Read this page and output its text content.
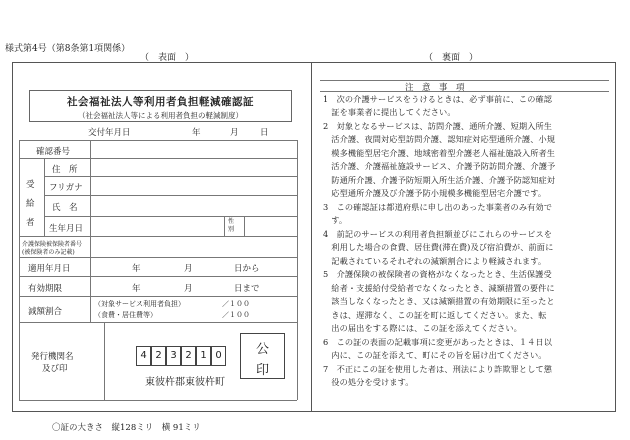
様式第4号（第8条第1項関係）
（　表面　）	（　裏面　）
社会福祉法人等利用者負担軽減確認証
（社会福祉法人等による利用者負担の軽減制度）
交付年月日	年	月	日
確認番号
受給者
住　所
フリガナ
氏　名
生年月日
性別
介護保険被保険者番号
(被保険者のみ記載)
適用年月日	年	月	日から
有効期限	年	月	日まで
減額割合
（対象サービス利用者負担）	／１００
（食費・居住費等）	／１００
発行機関名
及び印
4 2 3 2 1 0
東彼杵郡東彼杵町
公
印
注　意　事　項
1　次の介護サービスをうけるときは、必ず事前に、この確認
　証を事業者に提出してください。
2　対象となるサービスは、訪問介護、通所介護、短期入所生
　活介護、夜間対応型訪問介護、認知症対応型通所介護、小規
　模多機能型居宅介護、地域密着型介護老人福祉施設入所者生
　活介護、介護福祉施設サービス、介護予防訪問介護、介護予
　防通所介護、介護予防短期入所生活介護、介護予防認知症対
　応型通所介護及び介護予防小規模多機能型居宅介護です。
3　この確認証は都道府県に申し出のあった事業者のみ有効で
　す。
4　前記のサービスの利用者負担額並びにこれらのサービスを
　利用した場合の食費、居住費(滞在費)及び宿泊費が、前面に
　記載されているそれぞれの減額割合により軽減されます。
5　介護保険の被保険者の資格がなくなったとき、生活保護受
　給者・支援給付受給者でなくなったとき、減額措置の要件に
　該当しなくなったとき、又は減額措置の有効期限に至ったと
　きは、遅滞なく、この証を町に返してください。また、転
　出の届出をする際には、この証を添えてください。
6　この証の表面の記載事項に変更があったときは、１４日以
　内に、この証を添えて、町にその旨を届け出てください。
7　不正にこの証を使用した者は、刑法により詐欺罪として懲
　役の処分を受けます。
〇証の大きさ　縦128ミリ　横 91ミリ
